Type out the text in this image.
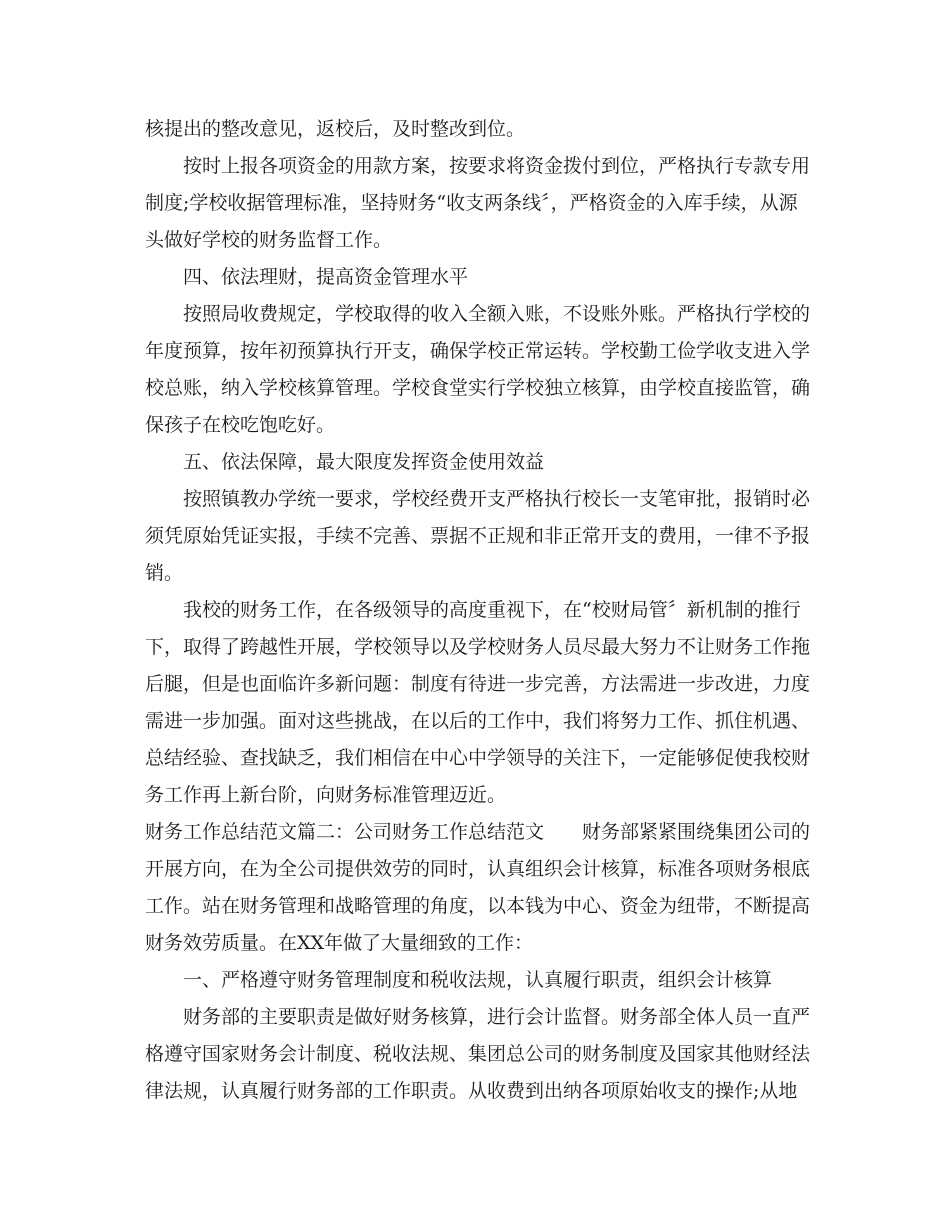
核提出的整改意见，返校后，及时整改到位。

按时上报各项资金的用款方案，按要求将资金拨付到位，严格执行专款专用

制度;学校收据管理标准，坚持财务“收支两条线〞，严格资金的入库手续，从源

头做好学校的财务监督工作。

四、依法理财，提高资金管理水平

按照局收费规定，学校取得的收入全额入账，不设账外账。严格执行学校的

年度预算，按年初预算执行开支，确保学校正常运转。学校勤工俭学收支进入学

校总账，纳入学校核算管理。学校食堂实行学校独立核算，由学校直接监管，确

保孩子在校吃饱吃好。

五、依法保障，最大限度发挥资金使用效益

按照镇教办学统一要求，学校经费开支严格执行校长一支笔审批，报销时必

须凭原始凭证实报，手续不完善、票据不正规和非正常开支的费用，一律不予报

销。

我校的财务工作，在各级领导的高度重视下，在“校财局管〞新机制的推行

下，取得了跨越性开展，学校领导以及学校财务人员尽最大努力不让财务工作拖

后腿，但是也面临许多新问题：制度有待进一步完善，方法需进一步改进，力度

需进一步加强。面对这些挑战，在以后的工作中，我们将努力工作、抓住机遇、

总结经验、查找缺乏，我们相信在中心中学领导的关注下，一定能够促使我校财

务工作再上新台阶，向财务标准管理迈近。

财务工作总结范文篇二：公司财务工作总结范文　　财务部紧紧围绕集团公司的

开展方向，在为全公司提供效劳的同时，认真组织会计核算，标准各项财务根底

工作。站在财务管理和战略管理的角度，以本钱为中心、资金为纽带，不断提高

财务效劳质量。在XX年做了大量细致的工作：

一、严格遵守财务管理制度和税收法规，认真履行职责，组织会计核算

财务部的主要职责是做好财务核算，进行会计监督。财务部全体人员一直严

格遵守国家财务会计制度、税收法规、集团总公司的财务制度及国家其他财经法

律法规，认真履行财务部的工作职责。从收费到出纳各项原始收支的操作;从地
